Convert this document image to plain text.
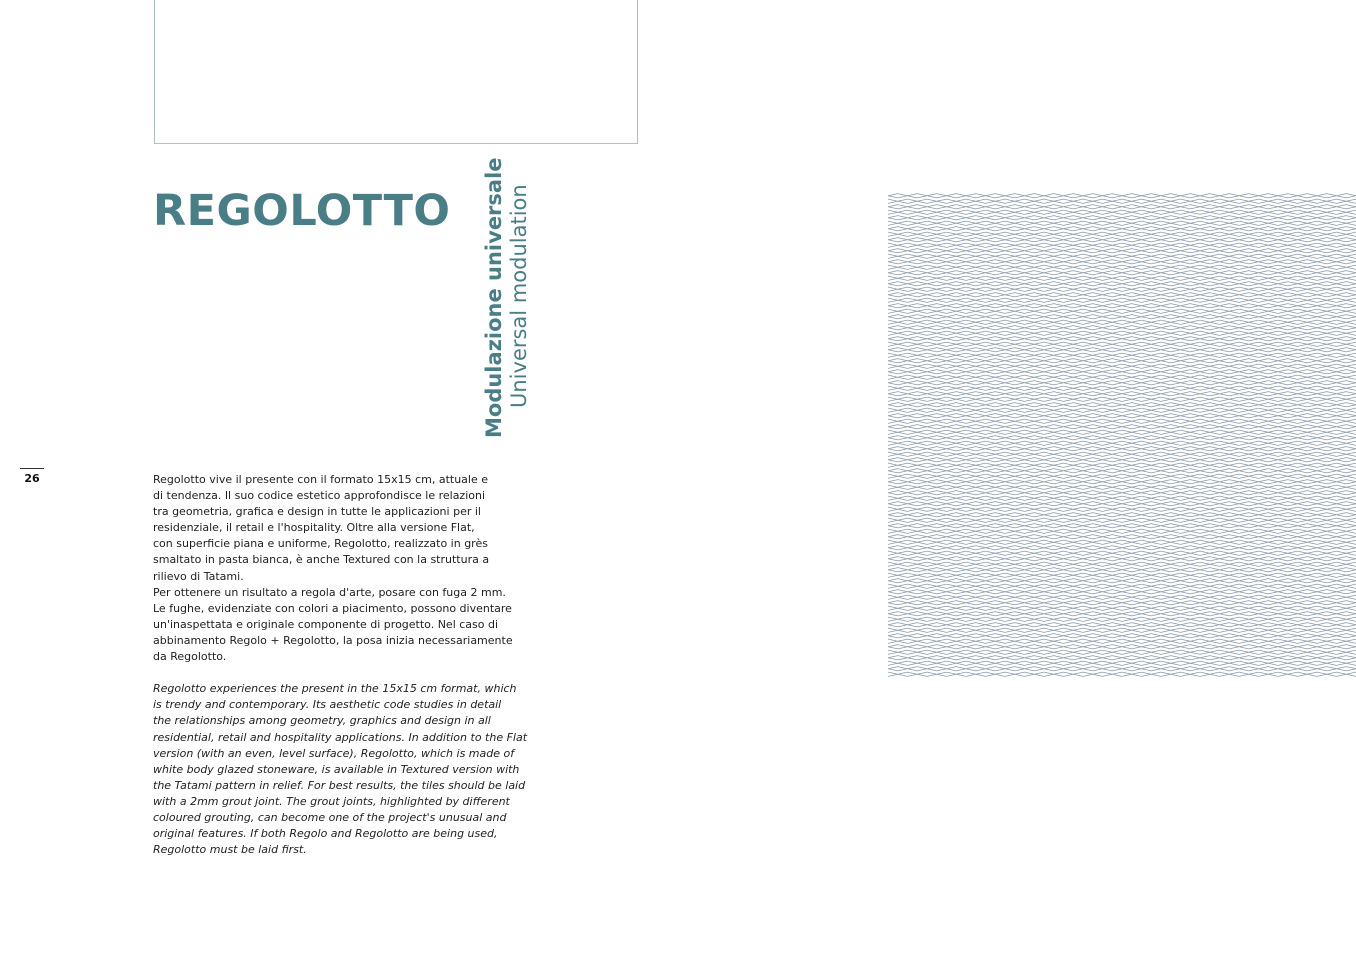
REGOLOTTO Modulazione universale Universal modulation
26	Regolotto vive il presente con il formato 15x15 cm, attuale e
di tendenza. Il suo codice estetico approfondisce le relazioni
tra geometria, grafica e design in tutte le applicazioni per il
residenziale, il retail e l'hospitality. Oltre alla versione Flat,
con superficie piana e uniforme, Regolotto, realizzato in grès
smaltato in pasta bianca, è anche Textured con la struttura a
rilievo di Tatami.
Per ottenere un risultato a regola d'arte, posare con fuga 2 mm.
Le fughe, evidenziate con colori a piacimento, possono diventare
un'inaspettata e originale componente di progetto. Nel caso di
abbinamento Regolo + Regolotto, la posa inizia necessariamente
da Regolotto.
Regolotto experiences the present in the 15x15 cm format, which
is trendy and contemporary. Its aesthetic code studies in detail
the relationships among geometry, graphics and design in all
residential, retail and hospitality applications. In addition to the Flat
version (with an even, level surface), Regolotto, which is made of
white body glazed stoneware, is available in Textured version with
the Tatami pattern in relief. For best results, the tiles should be laid
with a 2mm grout joint. The grout joints, highlighted by different
coloured grouting, can become one of the project's unusual and
original features. If both Regolo and Regolotto are being used,
Regolotto must be laid first.
